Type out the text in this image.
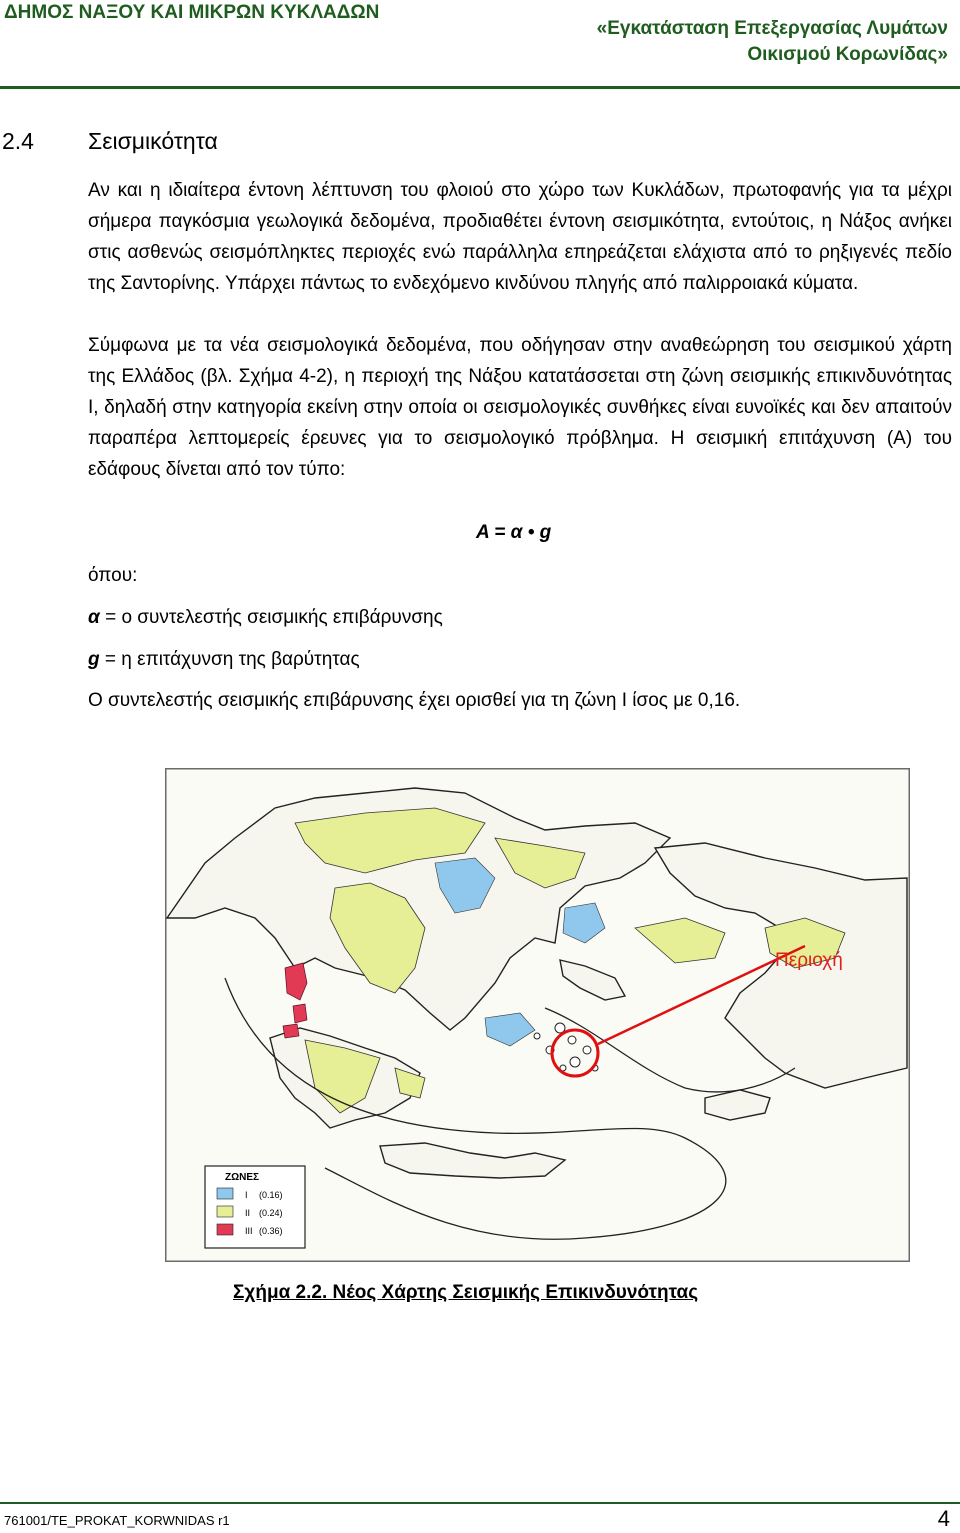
ΔΗΜΟΣ ΝΑΞΟΥ ΚΑΙ ΜΙΚΡΩΝ ΚΥΚΛΑΔΩΝ
«Εγκατάσταση Επεξεργασίας Λυμάτων
Οικισμού Κορωνίδας»
2.4 Σεισμικότητα
Αν και η ιδιαίτερα έντονη λέπτυνση του φλοιού στο χώρο των Κυκλάδων, πρωτοφανής για τα μέχρι σήμερα παγκόσμια γεωλογικά δεδομένα, προδιαθέτει έντονη σεισμικότητα, εντούτοις, η Νάξος ανήκει στις ασθενώς σεισμόπληκτες περιοχές ενώ παράλληλα επηρεάζεται ελάχιστα από το ρηξιγενές πεδίο της Σαντορίνης. Υπάρχει πάντως το ενδεχόμενο κινδύνου πληγής από παλιρροιακά κύματα.
Σύμφωνα με τα νέα σεισμολογικά δεδομένα, που οδήγησαν στην αναθεώρηση του σεισμικού χάρτη της Ελλάδος (βλ. Σχήμα 4-2), η περιοχή της Νάξου κατατάσσεται στη ζώνη σεισμικής επικινδυνότητας Ι, δηλαδή στην κατηγορία εκείνη στην οποία οι σεισμολογικές συνθήκες είναι ευνοϊκές και δεν απαιτούν παραπέρα λεπτομερείς έρευνες για το σεισμολογικό πρόβλημα. Η σεισμική επιτάχυνση (Α) του εδάφους δίνεται από τον τύπο:
Α = α • g
όπου:
α = ο συντελεστής σεισμικής επιβάρυνσης
g = η επιτάχυνση της βαρύτητας
Ο συντελεστής σεισμικής επιβάρυνσης έχει ορισθεί για τη ζώνη Ι ίσος με 0,16.
ΖΩΝΕΣ
I (0.16)
II (0.24)
III (0.36)
Περιοχή
Σχήμα 2.2. Νέος Χάρτης Σεισμικής Επικινδυνότητας
761001/ΤΕ_PROKAT_KORWNIDAS r1	4
